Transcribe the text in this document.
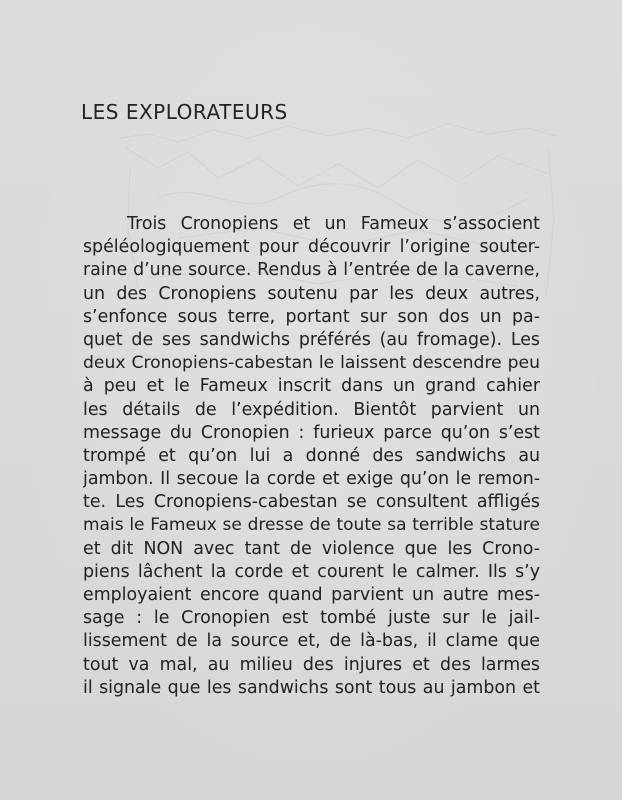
LES EXPLORATEURS
Trois Cronopiens et un Fameux s’associent
spéléologiquement pour découvrir l’origine souter-
raine d’une source. Rendus à l’entrée de la caverne,
un des Cronopiens soutenu par les deux autres,
s’enfonce sous terre, portant sur son dos un pa-
quet de ses sandwichs préférés (au fromage). Les
deux Cronopiens-cabestan le laissent descendre peu
à peu et le Fameux inscrit dans un grand cahier
les détails de l’expédition. Bientôt parvient un
message du Cronopien : furieux parce qu’on s’est
trompé et qu’on lui a donné des sandwichs au
jambon. Il secoue la corde et exige qu’on le remon-
te. Les Cronopiens-cabestan se consultent affligés
mais le Fameux se dresse de toute sa terrible stature
et dit NON avec tant de violence que les Crono-
piens lâchent la corde et courent le calmer. Ils s’y
employaient encore quand parvient un autre mes-
sage : le Cronopien est tombé juste sur le jail-
lissement de la source et, de là-bas, il clame que
tout va mal, au milieu des injures et des larmes
il signale que les sandwichs sont tous au jambon et
